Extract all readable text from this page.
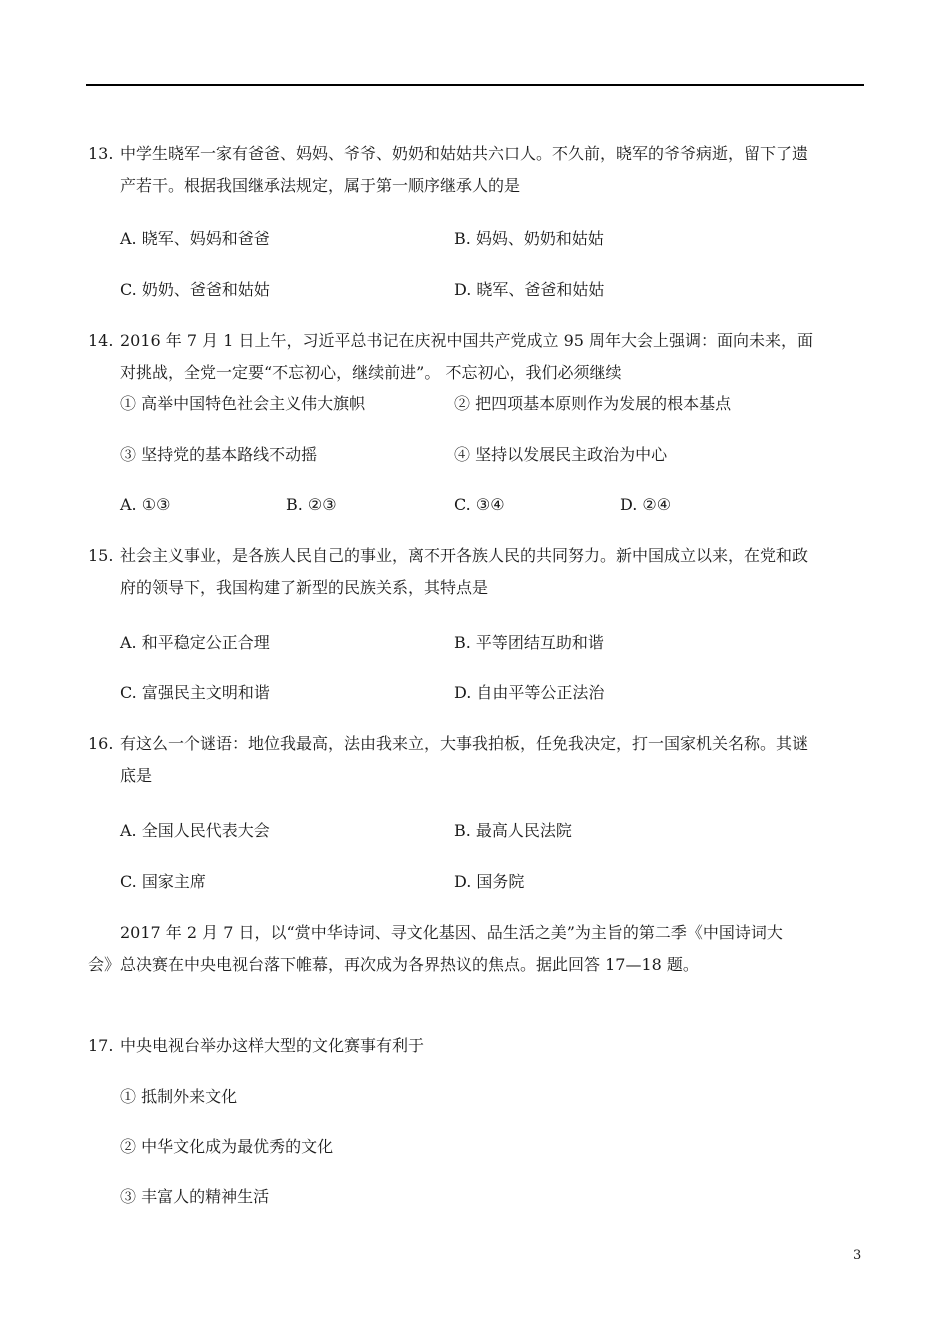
13. 中学生晓军一家有爸爸、妈妈、爷爷、奶奶和姑姑共六口人。不久前，晓军的爷爷病逝，留下了遗
产若干。根据我国继承法规定，属于第一顺序继承人的是
A. 晓军、妈妈和爸爸	B. 妈妈、奶奶和姑姑
C. 奶奶、爸爸和姑姑	D. 晓军、爸爸和姑姑
14. 2016 年 7 月 1 日上午，习近平总书记在庆祝中国共产党成立 95 周年大会上强调：面向未来，面
对挑战，全党一定要“不忘初心，继续前进”。 不忘初心，我们必须继续
① 高举中国特色社会主义伟大旗帜	② 把四项基本原则作为发展的根本基点
③ 坚持党的基本路线不动摇	④ 坚持以发展民主政治为中心
A. ①③	B. ②③	C. ③④	D. ②④
15. 社会主义事业，是各族人民自己的事业，离不开各族人民的共同努力。新中国成立以来，在党和政
府的领导下，我国构建了新型的民族关系，其特点是
A. 和平稳定公正合理	B. 平等团结互助和谐
C. 富强民主文明和谐	D. 自由平等公正法治
16. 有这么一个谜语：地位我最高，法由我来立，大事我拍板，任免我决定，打一国家机关名称。其谜
底是
A. 全国人民代表大会	B. 最高人民法院
C. 国家主席	D. 国务院
2017 年 2 月 7 日，以“赏中华诗词、寻文化基因、品生活之美”为主旨的第二季《中国诗词大
会》总决赛在中央电视台落下帷幕，再次成为各界热议的焦点。据此回答 17—18 题。
17. 中央电视台举办这样大型的文化赛事有利于
① 抵制外来文化
② 中华文化成为最优秀的文化
③ 丰富人的精神生活
3
